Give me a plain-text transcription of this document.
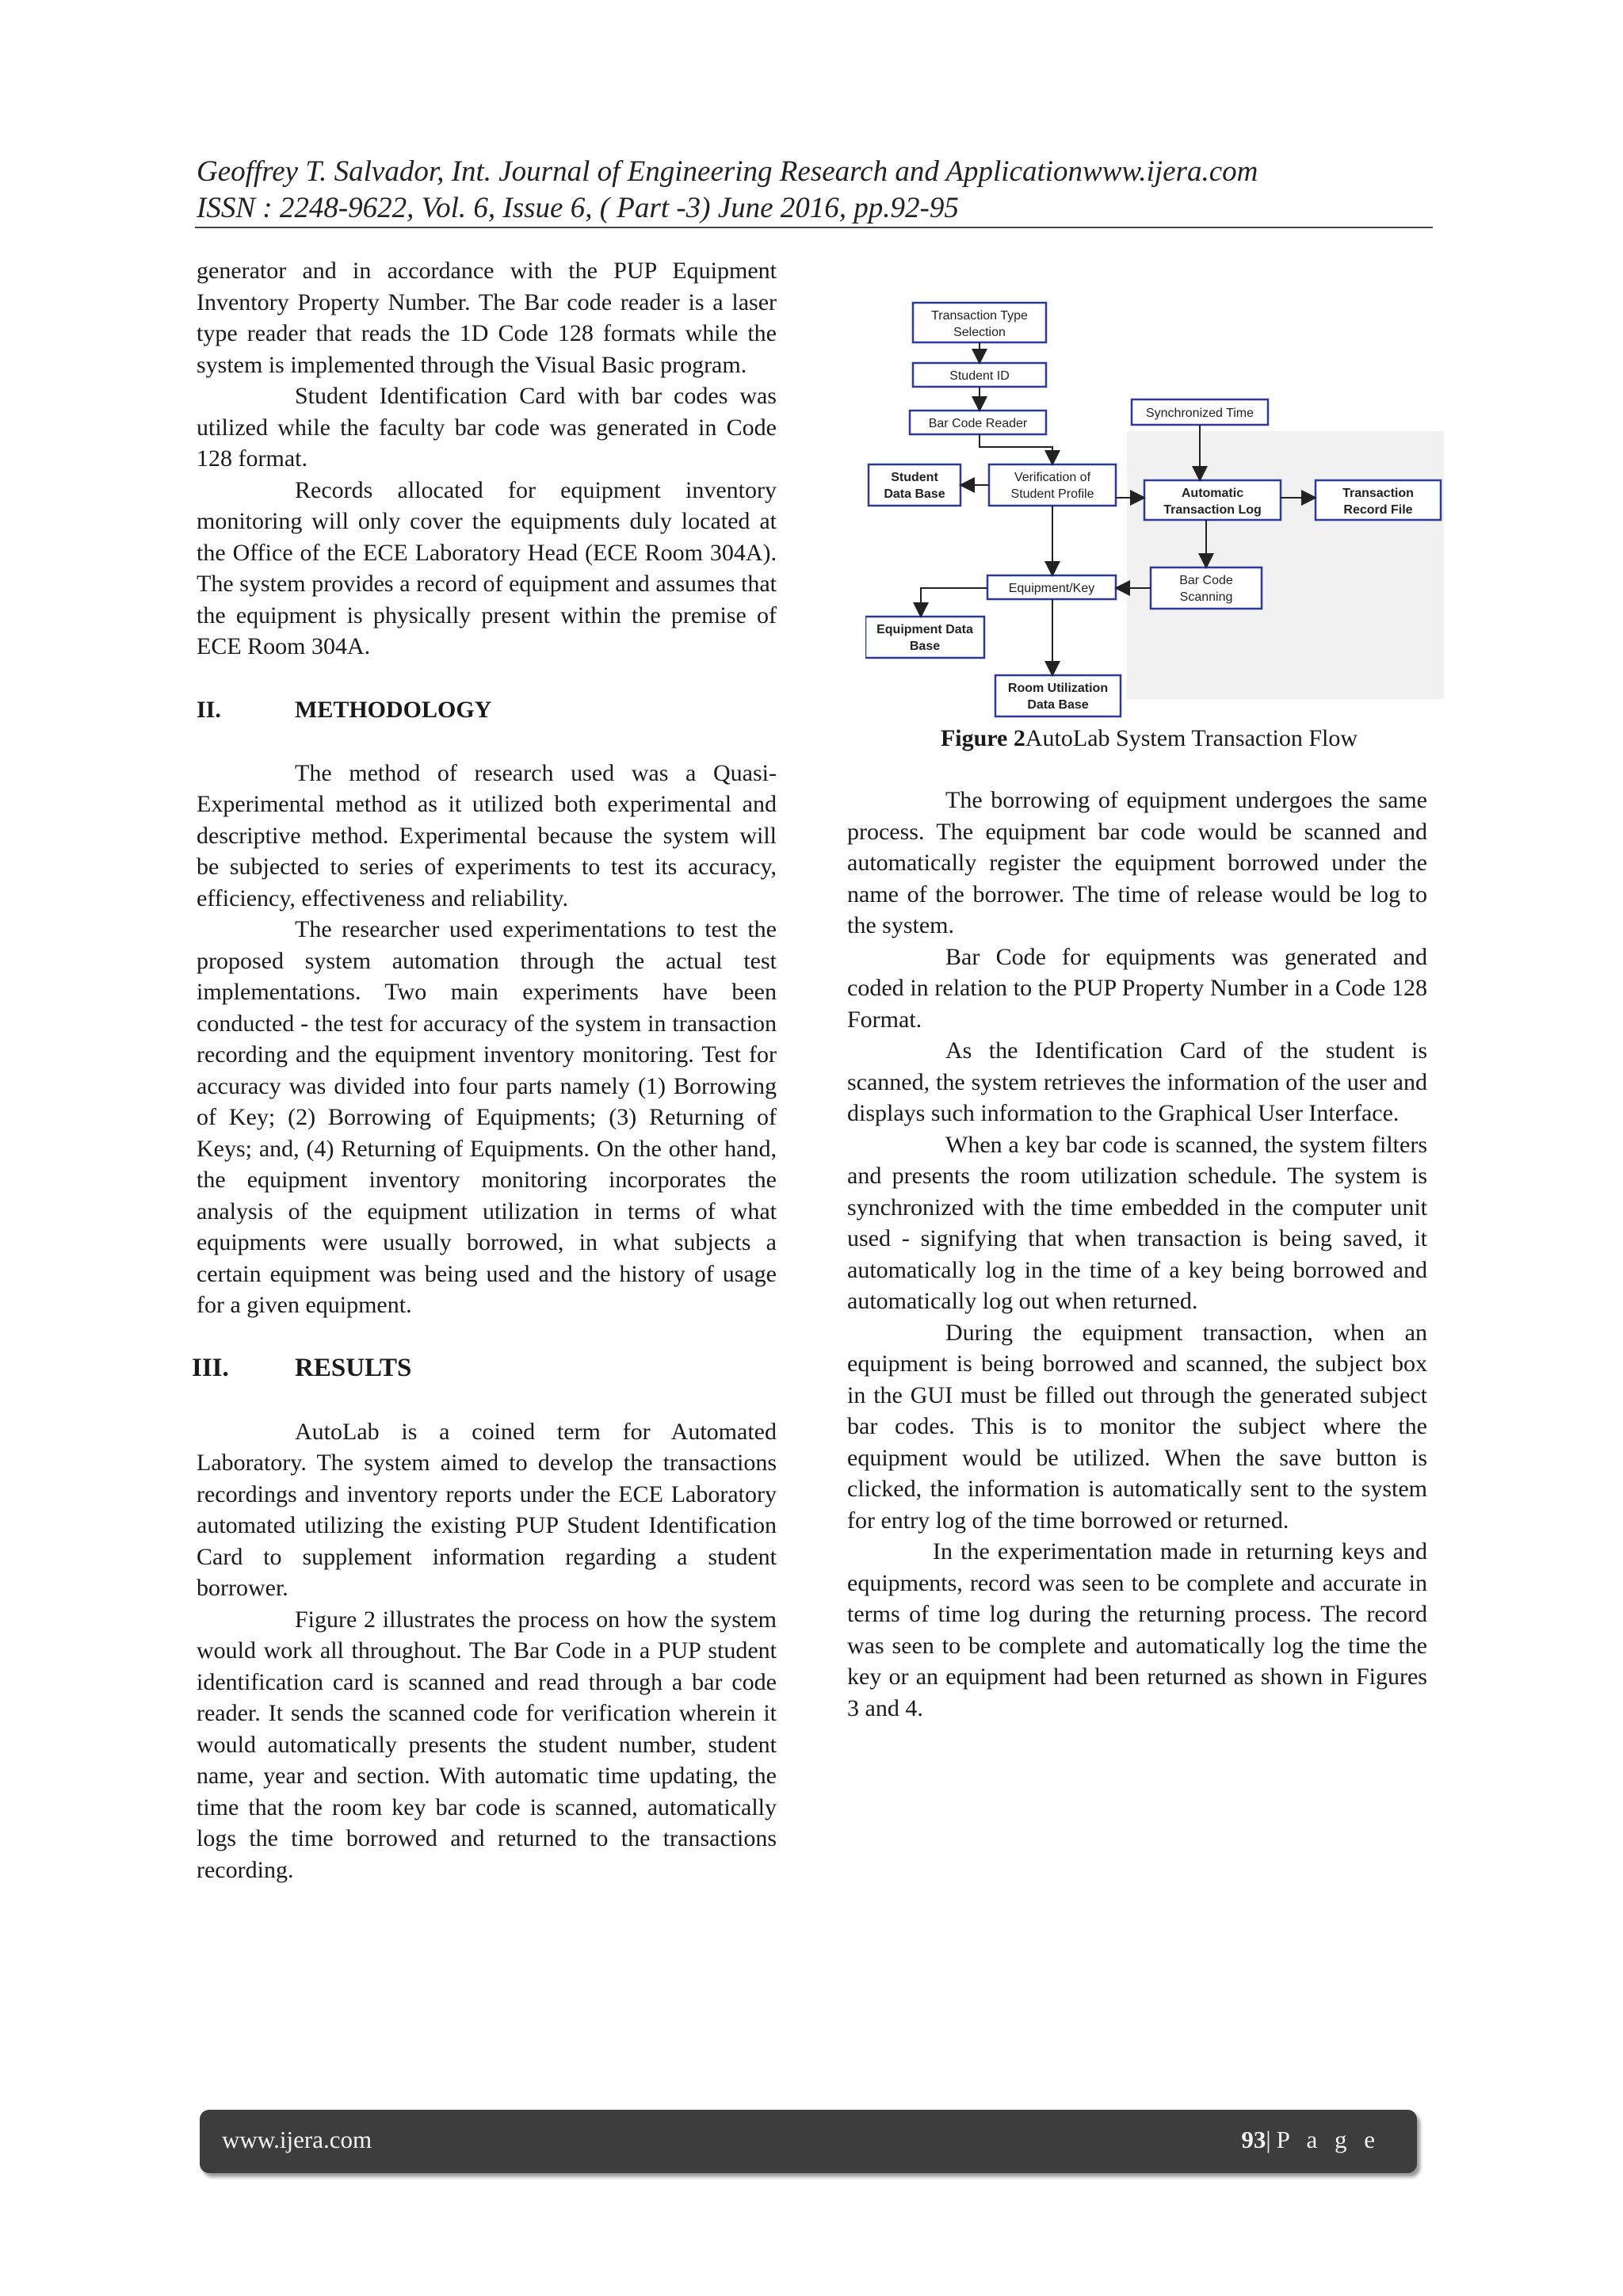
Geoffrey T. Salvador, Int. Journal of Engineering Research and Applicationwww.ijera.com
ISSN : 2248-9622, Vol. 6, Issue 6, ( Part -3) June 2016, pp.92-95

generator and in accordance with the PUP Equipment Inventory Property Number. The Bar code reader is a laser type reader that reads the 1D Code 128 formats while the system is implemented through the Visual Basic program.

Student Identification Card with bar codes was utilized while the faculty bar code was generated in Code 128 format.

Records allocated for equipment inventory monitoring will only cover the equipments duly located at the Office of the ECE Laboratory Head (ECE Room 304A). The system provides a record of equipment and assumes that the equipment is physically present within the premise of ECE Room 304A.

II.	METHODOLOGY

The method of research used was a Quasi-Experimental method as it utilized both experimental and descriptive method. Experimental because the system will be subjected to series of experiments to test its accuracy, efficiency, effectiveness and reliability.

The researcher used experimentations to test the proposed system automation through the actual test implementations. Two main experiments have been conducted - the test for accuracy of the system in transaction recording and the equipment inventory monitoring. Test for accuracy was divided into four parts namely (1) Borrowing of Key; (2) Borrowing of Equipments; (3) Returning of Keys; and, (4) Returning of Equipments. On the other hand, the equipment inventory monitoring incorporates the analysis of the equipment utilization in terms of what equipments were usually borrowed, in what subjects a certain equipment was being used and the history of usage for a given equipment.

III.	RESULTS

AutoLab is a coined term for Automated Laboratory. The system aimed to develop the transactions recordings and inventory reports under the ECE Laboratory automated utilizing the existing PUP Student Identification Card to supplement information regarding a student borrower.

Figure 2 illustrates the process on how the system would work all throughout. The Bar Code in a PUP student identification card is scanned and read through a bar code reader. It sends the scanned code for verification wherein it would automatically presents the student number, student name, year and section. With automatic time updating, the time that the room key bar code is scanned, automatically logs the time borrowed and returned to the transactions recording.

Transaction Type
Selection
Student ID
Bar Code Reader
Synchronized Time
Student
Data Base
Verification of
Student Profile	Automatic
Transaction Log
Transaction
Record File
Equipment/Key
Bar Code
Scanning
Equipment Data
Base
Room Utilization
Data Base
Figure 2AutoLab System Transaction Flow

The borrowing of equipment undergoes the same process. The equipment bar code would be scanned and automatically register the equipment borrowed under the name of the borrower. The time of release would be log to the system.

Bar Code for equipments was generated and coded in relation to the PUP Property Number in a Code 128 Format.

As the Identification Card of the student is scanned, the system retrieves the information of the user and displays such information to the Graphical User Interface.

When a key bar code is scanned, the system filters and presents the room utilization schedule. The system is synchronized with the time embedded in the computer unit used - signifying that when transaction is being saved, it automatically log in the time of a key being borrowed and automatically log out when returned.

During the equipment transaction, when an equipment is being borrowed and scanned, the subject box in the GUI must be filled out through the generated subject bar codes. This is to monitor the subject where the equipment would be utilized. When the save button is clicked, the information is automatically sent to the system for entry log of the time borrowed or returned.

In the experimentation made in returning keys and equipments, record was seen to be complete and accurate in terms of time log during the returning process. The record was seen to be complete and automatically log the time the key or an equipment had been returned as shown in Figures 3 and 4.

www.ijera.com	93|P a g e
